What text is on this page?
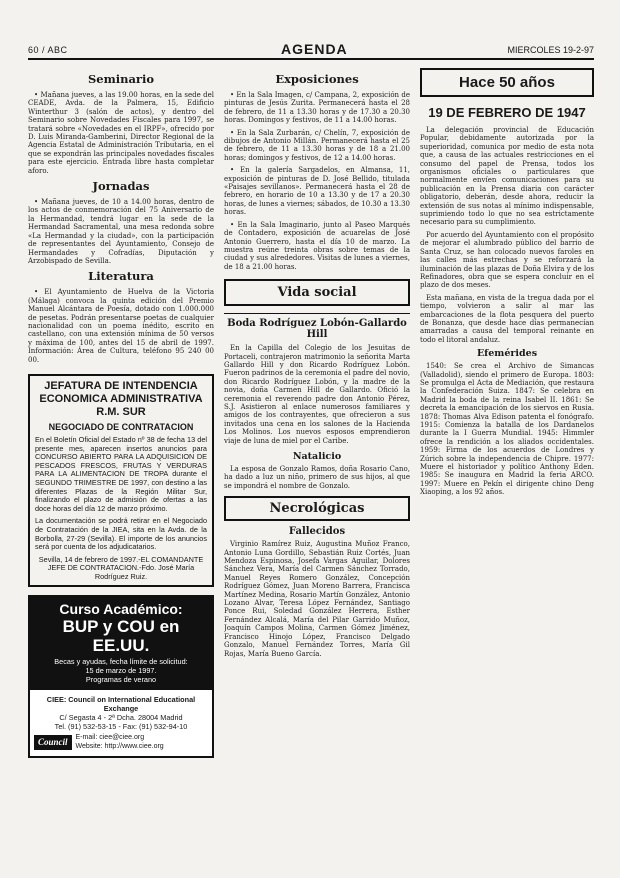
60 / ABC	AGENDA	MIERCOLES 19-2-97
Seminario

• Mañana jueves, a las 19.00 horas, en la sede del CEADE, Avda. de la Palmera, 15, Edificio Winterthur 3 (salón de actos), y dentro del Seminario sobre Novedades Fiscales para 1997, se tratará sobre «Novedades en el IRPF», ofrecido por D. Luis Miranda-Gamberini, Director Regional de la Agencia Estatal de Administración Tributaria, en el que se expondrán las principales novedades fiscales para este ejercicio. Entrada libre hasta completar aforo.

Jornadas

• Mañana jueves, de 10 a 14.00 horas, dentro de los actos de conmemoración del 75 Aniversario de la Hermandad, tendrá lugar en la sede de la Hermandad Sacramental, una mesa redonda sobre «La Hermandad y la ciudad», con la participación de representantes del Ayuntamiento, Consejo de Hermandades y Cofradías, Diputación y Arzobispado de Sevilla.

Literatura

• El Ayuntamiento de Huelva de la Victoria (Málaga) convoca la quinta edición del Premio Manuel Alcántara de Poesía, dotado con 1.000.000 de pesetas. Podrán presentarse poetas de cualquier nacionalidad con un poema inédito, escrito en castellano, con una extensión mínima de 50 versos y máxima de 100, antes del 15 de abril de 1997. Información: Área de Cultura, teléfono 95 240 00 00.

JEFATURA DE INTENDENCIA ECONOMICA ADMINISTRATIVA R.M. SUR
NEGOCIADO DE CONTRATACION

En el Boletín Oficial del Estado nº 38 de fecha 13 del presente mes, aparecen insertos anuncios para CONCURSO ABIERTO PARA LA ADQUISICION DE PESCADOS FRESCOS, FRUTAS Y VERDURAS PARA LA ALIMENTACION DE TROPA durante el SEGUNDO TRIMESTRE DE 1997, con destino a las diferentes Plazas de la Región Militar Sur, finalizando el plazo de admisión de ofertas a las doce horas del día 12 de marzo próximo.

La documentación se podrá retirar en el Negociado de Contratación de la JIEA, sita en la Avda. de la Borbolla, 27-29 (Sevilla). El importe de los anuncios será por cuenta de los adjudicatarios.

Sevilla, 14 de febrero de 1997.-EL COMANDANTE JEFE DE CONTRATACION.-Fdo. José María Rodríguez Ruiz.
Curso Académico:
BUP y COU en EE.UU.
Becas y ayudas, fecha límite de solicitud:
15 de marzo de 1997.
Programas de verano
CIEE: Council on International Educational Exchange
C/ Segasta 4 - 2ª Dcha. 28004 Madrid
Tel. (91) 532-53-15 - Fax: (91) 532-94-10
Council	E-mail: ciee@ciee.org
Website: http://www.ciee.org
Exposiciones

• En la Sala Imagen, c/ Campana, 2, exposición de pinturas de Jesús Zurita. Permanecerá hasta el 28 de febrero, de 11 a 13.30 horas y de 17.30 a 20.30 horas. Domingos y festivos, de 11 a 14.00 horas.

• En la Sala Zurbarán, c/ Chelín, 7, exposición de dibujos de Antonio Millán. Permanecerá hasta el 25 de febrero, de 11 a 13.30 horas y de 18 a 21.00 horas; domingos y festivos, de 12 a 14.00 horas.

• En la galería Sargadelos, en Almansa, 11, exposición de pinturas de D. José Bellido, titulada «Paisajes sevillanos». Permanecerá hasta el 28 de febrero, en horario de 10 a 13.30 y de 17 a 20.30 horas, de lunes a viernes; sábados, de 10.30 a 13.30 horas.

• En la Sala Imaginario, junto al Paseo Marqués de Contadero, exposición de acuarelas de José Antonio Guerrero, hasta el día 10 de marzo. La muestra reúne treinta obras sobre temas de la ciudad y sus alrededores. Visitas de lunes a viernes, de 18 a 21.00 horas.

Vida social
Boda Rodríguez Lobón-Gallardo Hill

En la Capilla del Colegio de los Jesuitas de Portaceli, contrajeron matrimonio la señorita Marta Gallardo Hill y don Ricardo Rodríguez Lobón. Fueron padrinos de la ceremonia el padre del novio, don Ricardo Rodríguez Lobón, y la madre de la novia, doña Carmen Hill de Gallardo. Ofició la ceremonia el reverendo padre don Antonio Pérez, S.J. Asistieron al enlace numerosos familiares y amigos de los contrayentes, que ofrecieron a sus invitados una cena en los salones de la Hacienda Los Molinos. Los nuevos esposos emprendieron viaje de luna de miel por el Caribe.

Natalicio

La esposa de Gonzalo Ramos, doña Rosario Cano, ha dado a luz un niño, primero de sus hijos, al que se impondrá el nombre de Gonzalo.

Necrológicas
Fallecidos

Virginio Ramírez Ruiz, Augustina Muñoz Franco, Antonio Luna Gordillo, Sebastián Ruiz Cortés, Juan Mendoza Espinosa, Josefa Vargas Aguilar, Dolores Sánchez Vera, María del Carmen Sánchez Torrado, Manuel Reyes Romero González, Concepción Rodríguez Gómez, Juan Moreno Barrera, Francisca Martínez Medina, Rosario Martín González, Antonio Lozano Alvar, Teresa López Fernández, Santiago Ponce Rui, Soledad González Herrera, Esther Fernández Alcalá, María del Pilar Garrido Muñoz, Joaquín Campos Molina, Carmen Gómez Jiménez, Francisco Hinojo López, Francisco Delgado Gonzalo, Manuel Fernández Torres, María Gil Rojas, María Bueno García.

Hace 50 años
19 DE FEBRERO DE 1947

La delegación provincial de Educación Popular, debidamente autorizada por la superioridad, comunica por medio de esta nota que, a causa de las actuales restricciones en el consumo del papel de Prensa, todos los organismos oficiales o particulares que normalmente envíen comunicaciones para su publicación en la Prensa diaria con carácter obligatorio, deberán, desde ahora, reducir la extensión de sus notas al mínimo indispensable, suprimiendo todo lo que no sea estrictamente necesario para su cumplimiento.

Por acuerdo del Ayuntamiento con el propósito de mejorar el alumbrado público del barrio de Santa Cruz, se han colocado nuevos faroles en las calles más estrechas y se reforzará la iluminación de las plazas de Doña Elvira y de los Refinadores, obra que se espera concluir en el plazo de dos meses.

Esta mañana, en vista de la tregua dada por el tiempo, volvieron a salir al mar las embarcaciones de la flota pesquera del puerto de Bonanza, que desde hace días permanecían amarradas a causa del temporal reinante en todo el litoral andaluz.

Efemérides

1540: Se crea el Archivo de Simancas (Valladolid), siendo el primero de Europa. 1803: Se promulga el Acta de Mediación, que restaura la Confederación Suiza. 1847: Se celebra en Madrid la boda de la reina Isabel II. 1861: Se decreta la emancipación de los siervos en Rusia. 1878: Thomas Alva Edison patenta el fonógrafo. 1915: Comienza la batalla de los Dardanelos durante la I Guerra Mundial. 1945: Himmler ofrece la rendición a los aliados occidentales. 1959: Firma de los acuerdos de Londres y Zúrich sobre la independencia de Chipre. 1977: Muere el historiador y político Anthony Eden. 1985: Se inaugura en Madrid la feria ARCO. 1997: Muere en Pekín el dirigente chino Deng Xiaoping, a los 92 años.
